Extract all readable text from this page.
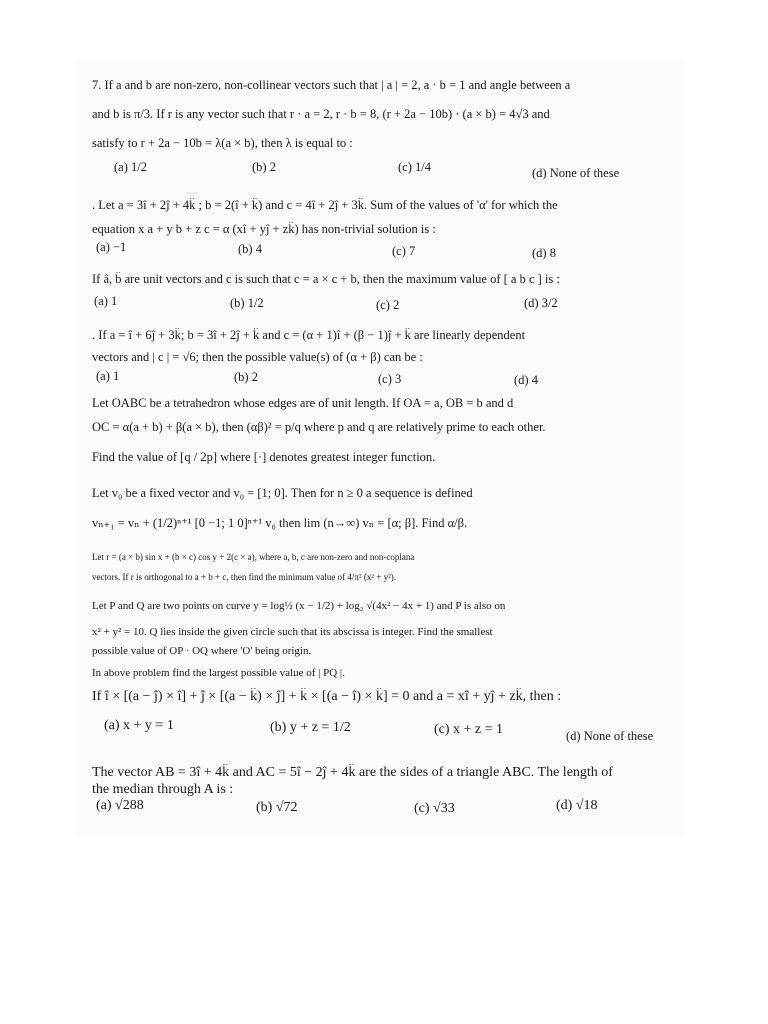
7. If a and b are non-zero, non-collinear vectors such that | a | = 2, a · b = 1 and angle between a
and b is π/3. If r is any vector such that r · a = 2, r · b = 8, (r + 2a − 10b) · (a × b) = 4√3 and
satisfy to r + 2a − 10b = λ(a × b), then λ is equal to :
(a) 1/2	(b) 2	(c) 1/4	(d) None of these
. Let a = 3î + 2ĵ + 4k̂ ; b = 2(î + k̂) and c = 4î + 2ĵ + 3k̂. Sum of the values of 'α' for which the
equation x a + y b + z c = α (xî + yĵ + zk̂) has non-trivial solution is :
(a) −1	(b) 4	(c) 7	(d) 8
If â, b̂ are unit vectors and c is such that c = a × c + b, then the maximum value of [ a b c ] is :
(a) 1	(b) 1/2	(c) 2	(d) 3/2
. If a = î + 6ĵ + 3k̂; b = 3î + 2ĵ + k̂ and c = (α + 1)î + (β − 1)ĵ + k̂ are linearly dependent
vectors and | c | = √6; then the possible value(s) of (α + β) can be :
(a) 1	(b) 2	(c) 3	(d) 4
Let OABC be a tetrahedron whose edges are of unit length. If OA = a, OB = b and d
OC = α(a + b) + β(a × b), then (αβ)² = p/q where p and q are relatively prime to each other.
Find the value of [q / 2p] where [·] denotes greatest integer function.
Let v₀ be a fixed vector and v₀ = [1; 0]. Then for n ≥ 0 a sequence is defined
vₙ₊₁ = vₙ + (1/2)ⁿ⁺¹ [0 −1; 1 0]ⁿ⁺¹ v₀ then lim (n→∞) vₙ = [α; β]. Find α/β.
Let r = (a × b) sin x + (b × c) cos y + 2(c × a), where a, b, c are non-zero and non-coplana
vectors. If r is orthogonal to a + b + c, then find the minimum value of 4/π² (x² + y²).
Let P and Q are two points on curve y = log½ (x − 1/2) + log₂ √(4x² − 4x + 1) and P is also on
x² + y² = 10. Q lies inside the given circle such that its abscissa is integer. Find the smallest
possible value of OP · OQ where 'O' being origin.
In above problem find the largest possible value of | PQ |.
If î × [(a − ĵ) × î] + ĵ × [(a − k̂) × ĵ] + k̂ × [(a − î) × k̂] = 0 and a = xî + yĵ + zk̂, then :
(a) x + y = 1	(b) y + z = 1/2	(c) x + z = 1	(d) None of these
The vector AB = 3î + 4k̂ and AC = 5î − 2ĵ + 4k̂ are the sides of a triangle ABC. The length of
the median through A is :
(a) √288	(b) √72	(c) √33	(d) √18
